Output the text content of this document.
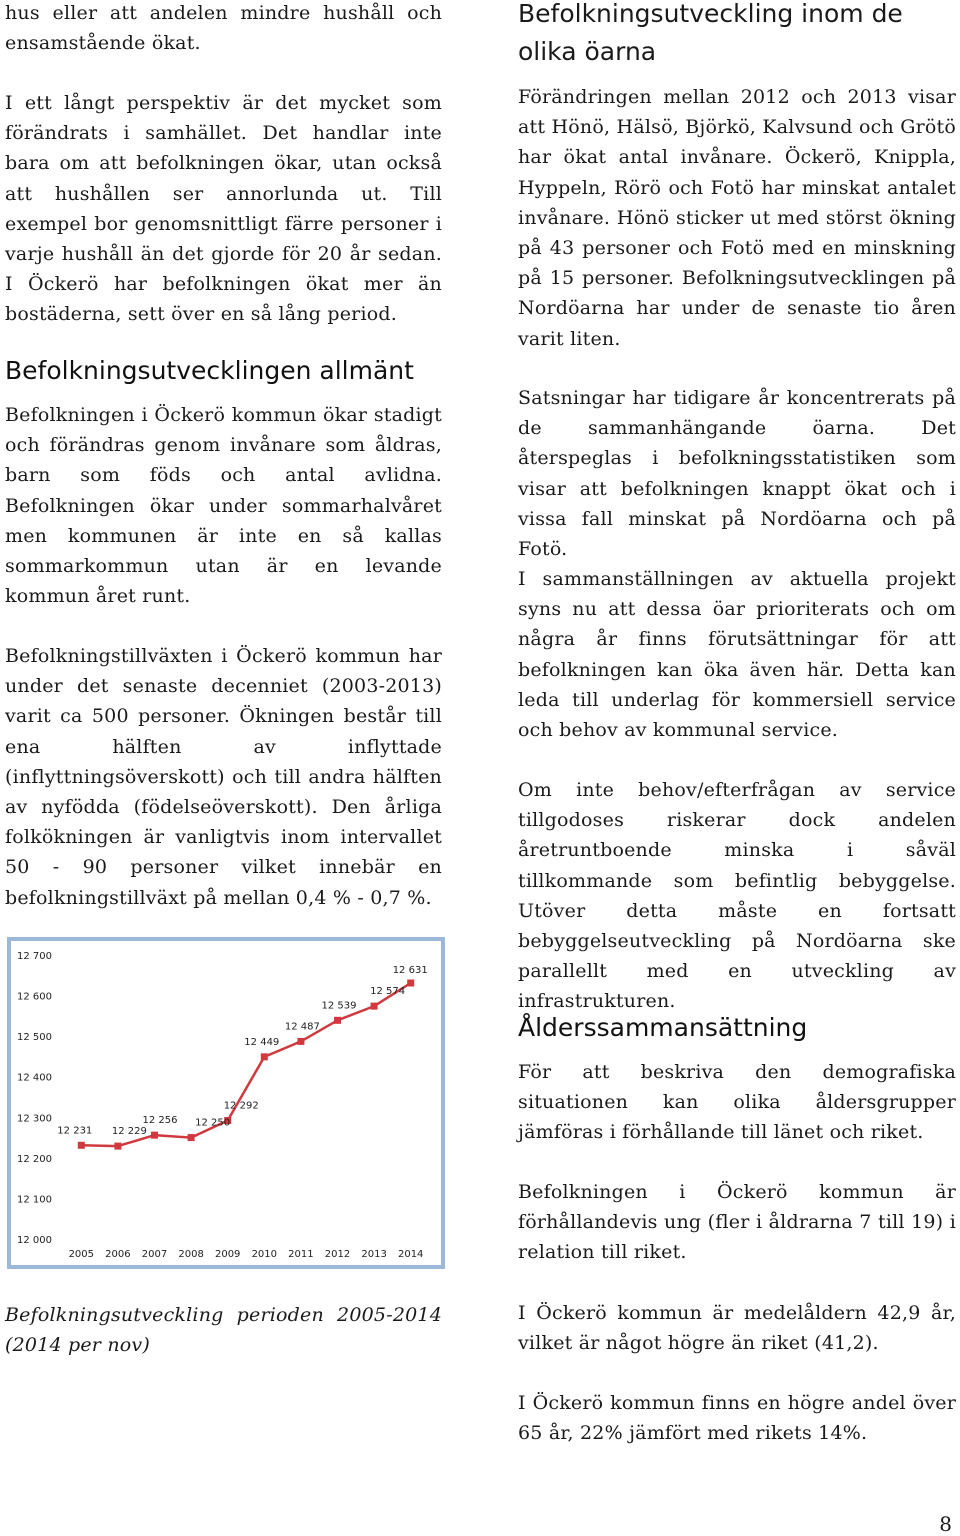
hus eller att andelen mindre hushåll och ensamstående ökat.

I ett långt perspektiv är det mycket som förändrats i samhället. Det handlar inte bara om att befolkningen ökar, utan också att hushållen ser annorlunda ut. Till exempel bor genomsnittligt färre personer i varje hushåll än det gjorde för 20 år sedan. I Öckerö har befolkningen ökat mer än bostäderna, sett över en så lång period.

Befolkningsutvecklingen allmänt

Befolkningen i Öckerö kommun ökar stadigt och förändras genom invånare som åldras, barn som föds och antal avlidna. Befolkningen ökar under sommarhalvåret men kommunen är inte en så kallas sommarkommun utan är en levande kommun året runt.

Befolkningstillväxten i Öckerö kommun har under det senaste decenniet (2003-2013) varit ca 500 personer. Ökningen består till ena hälften av inflyttade (inflyttningsöverskott) och till andra hälften av nyfödda (födelseöverskott). Den årliga folkökningen är vanligtvis inom intervallet 50 - 90 personer vilket innebär en befolkningstillväxt på mellan 0,4 % - 0,7 %.

Befolkningsutveckling perioden 2005-2014 (2014 per nov)

12 000
12 100
12 200
12 300
12 400
12 500
12 600
12 700
2005 2006 2007 2008 2009 2010 2011 2012 2013 2014
12 231 12 229
12 256 12 250
12 292
12 449
12 487
12 539
12 574
12 631
Befolkningsutveckling inom de olika öarna

Förändringen mellan 2012 och 2013 visar att Hönö, Hälsö, Björkö, Kalvsund och Grötö har ökat antal invånare. Öckerö, Knippla, Hyppeln, Rörö och Fotö har minskat antalet invånare. Hönö sticker ut med störst ökning på 43 personer och Fotö med en minskning på 15 personer. Befolkningsutvecklingen på Nordöarna har under de senaste tio åren varit liten.

Satsningar har tidigare år koncentrerats på de sammanhängande öarna. Det återspeglas i befolkningsstatistiken som visar att befolkningen knappt ökat och i vissa fall minskat på Nordöarna och på Fotö.

I sammanställningen av aktuella projekt syns nu att dessa öar prioriterats och om några år finns förutsättningar för att befolkningen kan öka även här. Detta kan leda till underlag för kommersiell service och behov av kommunal service.

Om inte behov/efterfrågan av service tillgodoses riskerar dock andelen åretruntboende minska i såväl tillkommande som befintlig bebyggelse. Utöver detta måste en fortsatt bebyggelseutveckling på Nordöarna ske parallellt med en utveckling av infrastrukturen.

Ålderssammansättning

För att beskriva den demografiska situationen kan olika åldersgrupper jämföras i förhållande till länet och riket.

Befolkningen i Öckerö kommun är förhållandevis ung (fler i åldrarna 7 till 19) i relation till riket.

I Öckerö kommun är medelåldern 42,9 år, vilket är något högre än riket (41,2).

I Öckerö kommun finns en högre andel över 65 år, 22% jämfört med rikets 14%.

8
